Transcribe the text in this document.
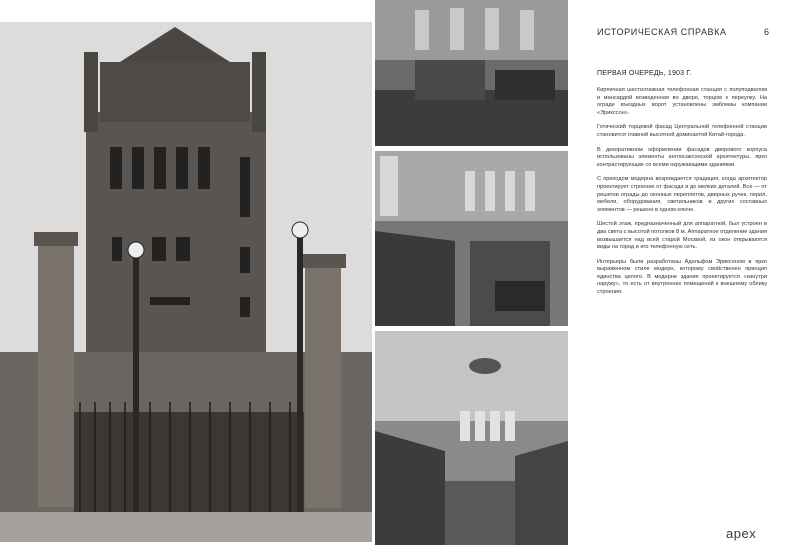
ИСТОРИЧЕСКАЯ СПРАВКА	6
ПЕРВАЯ ОЧЕРЕДЬ, 1903 Г.

Кирпичная шестиэтажная телефонная станция с полуподвалом и мансардой возведенная во дворе, торцом к переулку. На ограде въездных ворот установлены эмблемы компании «Эрикссон».

Готический торцевой фасад Центральной телефонной станции становится главной высотной доминантой Китай-города.

В декоративном оформлении фасадов дворового корпуса использованы элементы англосаксонской архитектуры, ярко контрастирующие со всеми окружающими зданиями.

С приходом модерна возрождается традиция, когда архитектор проектирует строение от фасада и до мелких деталей. Все — от решетки ограды до оконных переплетов, дверных ручек, перил, мебели, оборудования, светильников и других составных элементов — решено в одном ключе.

Шестой этаж, предназначенный для аппаратной, был устроен в два света с высотой потолков 8 м. Аппаратное отделение здания возвышается над всей старой Москвой, из окон открываются виды на город и его телефонную сеть.

Интерьеры были разработаны Адольфом Эриксоном в ярко выраженном стиле модерн, которому свойственен принцип единства целого. В модерне здание проектируется «изнутри наружу», то есть от внутренних помещений к внешнему облику строения.

apex
